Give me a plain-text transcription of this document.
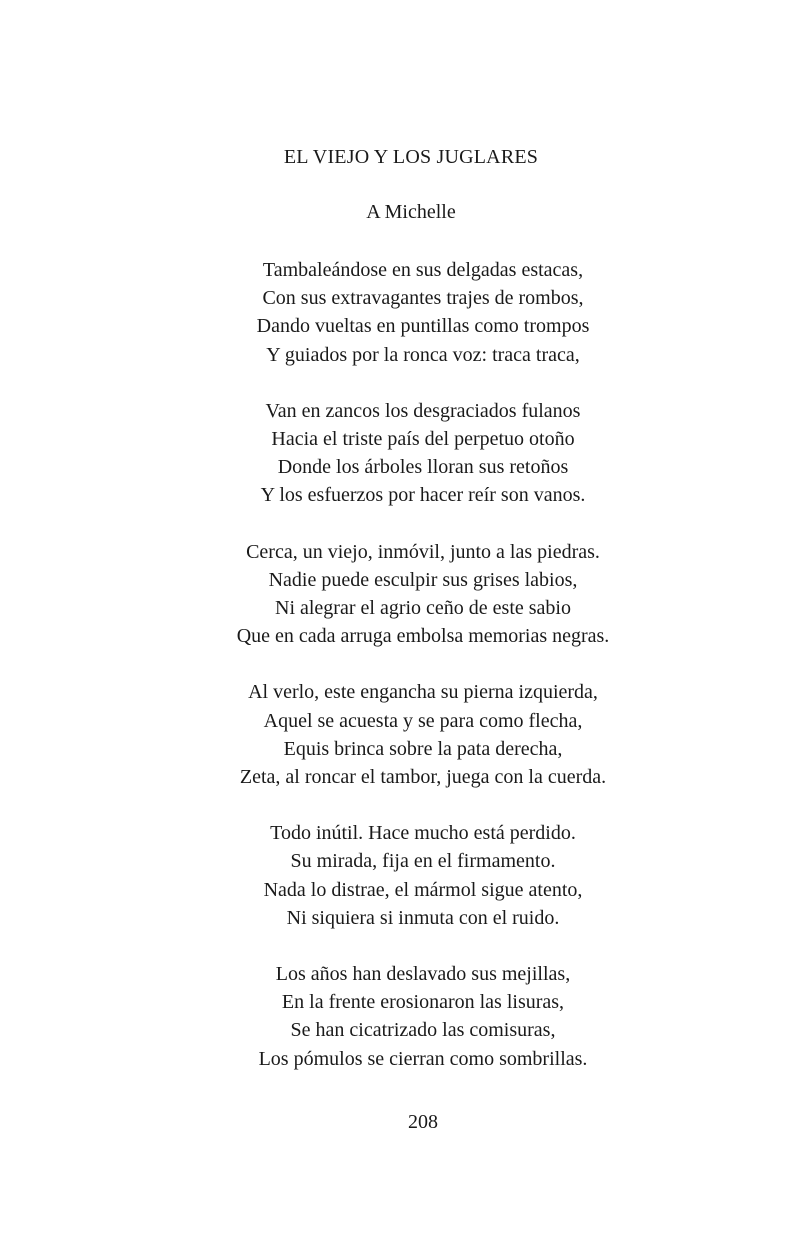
EL VIEJO Y LOS JUGLARES
A Michelle
Tambaleándose en sus delgadas estacas,
Con sus extravagantes trajes de rombos,
Dando vueltas en puntillas como trompos
Y guiados por la ronca voz: traca traca,
Van en zancos los desgraciados fulanos
Hacia el triste país del perpetuo otoño
Donde los árboles lloran sus retoños
Y los esfuerzos por hacer reír son vanos.
Cerca, un viejo, inmóvil, junto a las piedras.
Nadie puede esculpir sus grises labios,
Ni alegrar el agrio ceño de este sabio
Que en cada arruga embolsa memorias negras.
Al verlo, este engancha su pierna izquierda,
Aquel se acuesta y se para como flecha,
Equis brinca sobre la pata derecha,
Zeta, al roncar el tambor, juega con la cuerda.
Todo inútil. Hace mucho está perdido.
Su mirada, fija en el firmamento.
Nada lo distrae, el mármol sigue atento,
Ni siquiera si inmuta con el ruido.
Los años han deslavado sus mejillas,
En la frente erosionaron las lisuras,
Se han cicatrizado las comisuras,
Los pómulos se cierran como sombrillas.
208
